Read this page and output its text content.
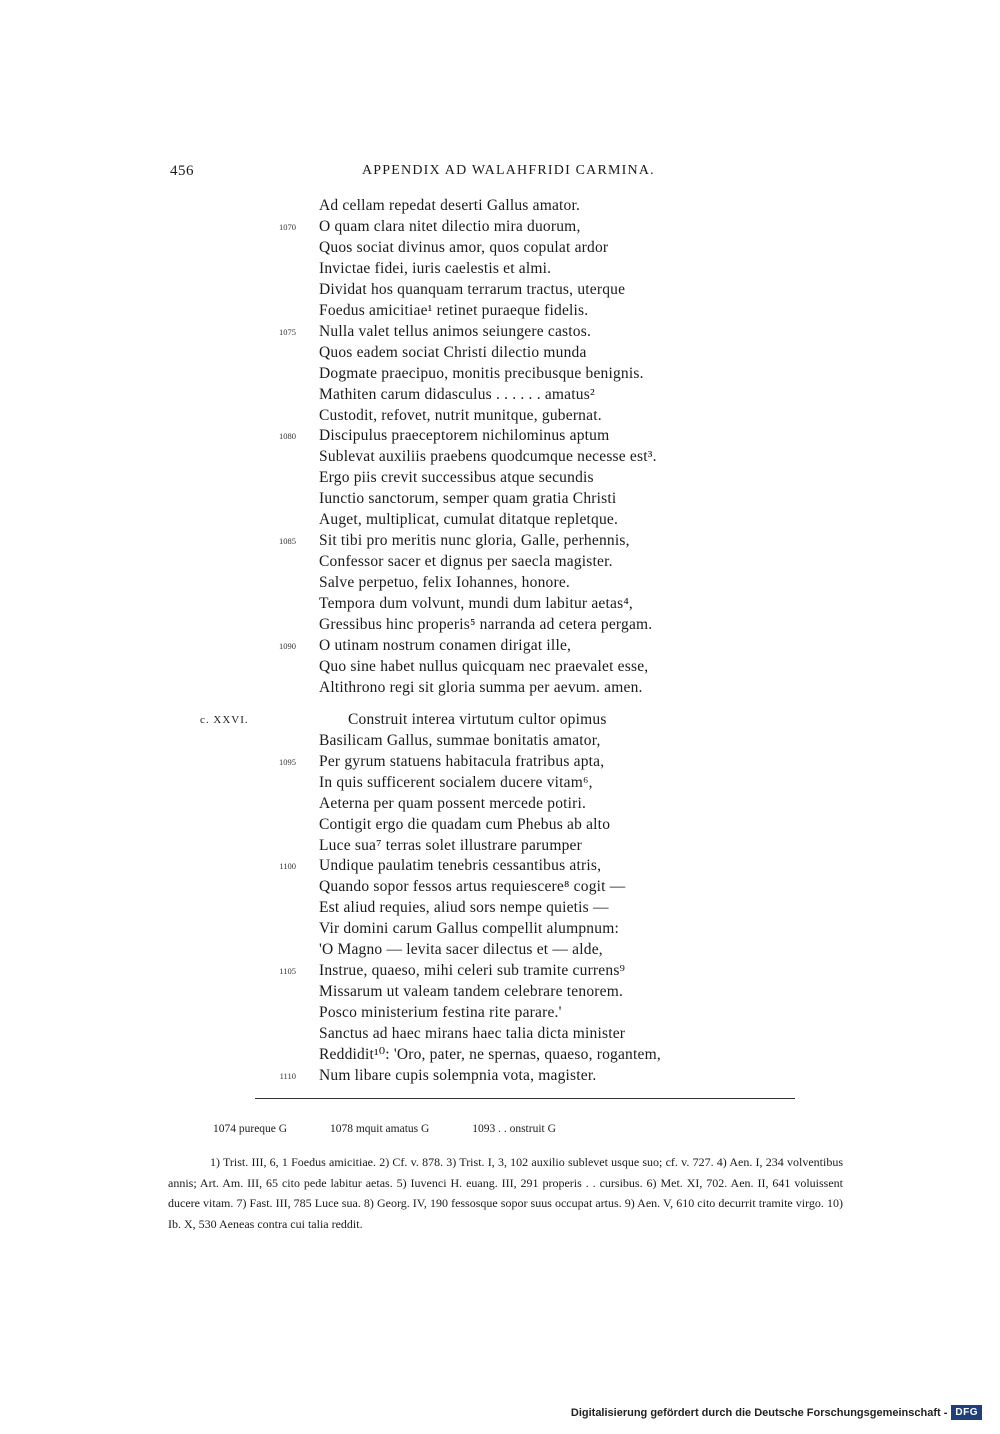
456	APPENDIX AD WALAHFRIDI CARMINA.
Ad cellam repedat deserti Gallus amator.
O quam clara nitet dilectio mira duorum,
1070
Quos sociat divinus amor, quos copulat ardor
Invictae fidei, iuris caelestis et almi.
Dividat hos quanquam terrarum tractus, uterque
Foedus amicitiae¹ retinet puraeque fidelis.
Nulla valet tellus animos seiungere castos.
1075
Quos eadem sociat Christi dilectio munda
Dogmate praecipuo, monitis precibusque benignis.
Mathiten carum didasculus . . . . . . amatus²
Custodit, refovet, nutrit munitque, gubernat.
Discipulus praeceptorem nichilominus aptum
1080
Sublevat auxiliis praebens quodcumque necesse est³.
Ergo piis crevit successibus atque secundis
Iunctio sanctorum, semper quam gratia Christi
Auget, multiplicat, cumulat ditatque repletque.
Sit tibi pro meritis nunc gloria, Galle, perhennis,
1085
Confessor sacer et dignus per saecla magister.
Salve perpetuo, felix Iohannes, honore.
Tempora dum volvunt, mundi dum labitur aetas⁴,
Gressibus hinc properis⁵ narranda ad cetera pergam.
O utinam nostrum conamen dirigat ille,
1090
Quo sine habet nullus quicquam nec praevalet esse,
Altithrono regi sit gloria summa per aevum. amen.
Construit interea virtutum cultor opimus
c. XXVI.
Basilicam Gallus, summae bonitatis amator,
Per gyrum statuens habitacula fratribus apta,
1095
In quis sufficerent socialem ducere vitam⁶,
Aeterna per quam possent mercede potiri.
Contigit ergo die quadam cum Phebus ab alto
Luce sua⁷ terras solet illustrare parumper
Undique paulatim tenebris cessantibus atris,
1100
Quando sopor fessos artus requiescere⁸ cogit —
Est aliud requies, aliud sors nempe quietis —
Vir domini carum Gallus compellit alumpnum:
'O Magno — levita sacer dilectus et — alde,
Instrue, quaeso, mihi celeri sub tramite currens⁹
1105
Missarum ut valeam tandem celebrare tenorem.
Posco ministerium festina rite parare.'
Sanctus ad haec mirans haec talia dicta minister
Reddidit¹⁰: 'Oro, pater, ne spernas, quaeso, rogantem,
Num libare cupis solempnia vota, magister.
1110
1074 pureque G	1078 mquit amatus G	1093 . . onstruit G
1) Trist. III, 6, 1 Foedus amicitiae. 2) Cf. v. 878. 3) Trist. I, 3, 102 auxilio sublevet usque suo; cf. v. 727. 4) Aen. I, 234 volventibus annis; Art. Am. III, 65 cito pede labitur aetas. 5) Iuvenci H. euang. III, 291 properis . . cursibus. 6) Met. XI, 702. Aen. II, 641 voluissent ducere vitam. 7) Fast. III, 785 Luce sua. 8) Georg. IV, 190 fessosque sopor suus occupat artus. 9) Aen. V, 610 cito decurrit tramite virgo. 10) Ib. X, 530 Aeneas contra cui talia reddit.
Digitalisierung gefördert durch die Deutsche Forschungsgemeinschaft - DFG
